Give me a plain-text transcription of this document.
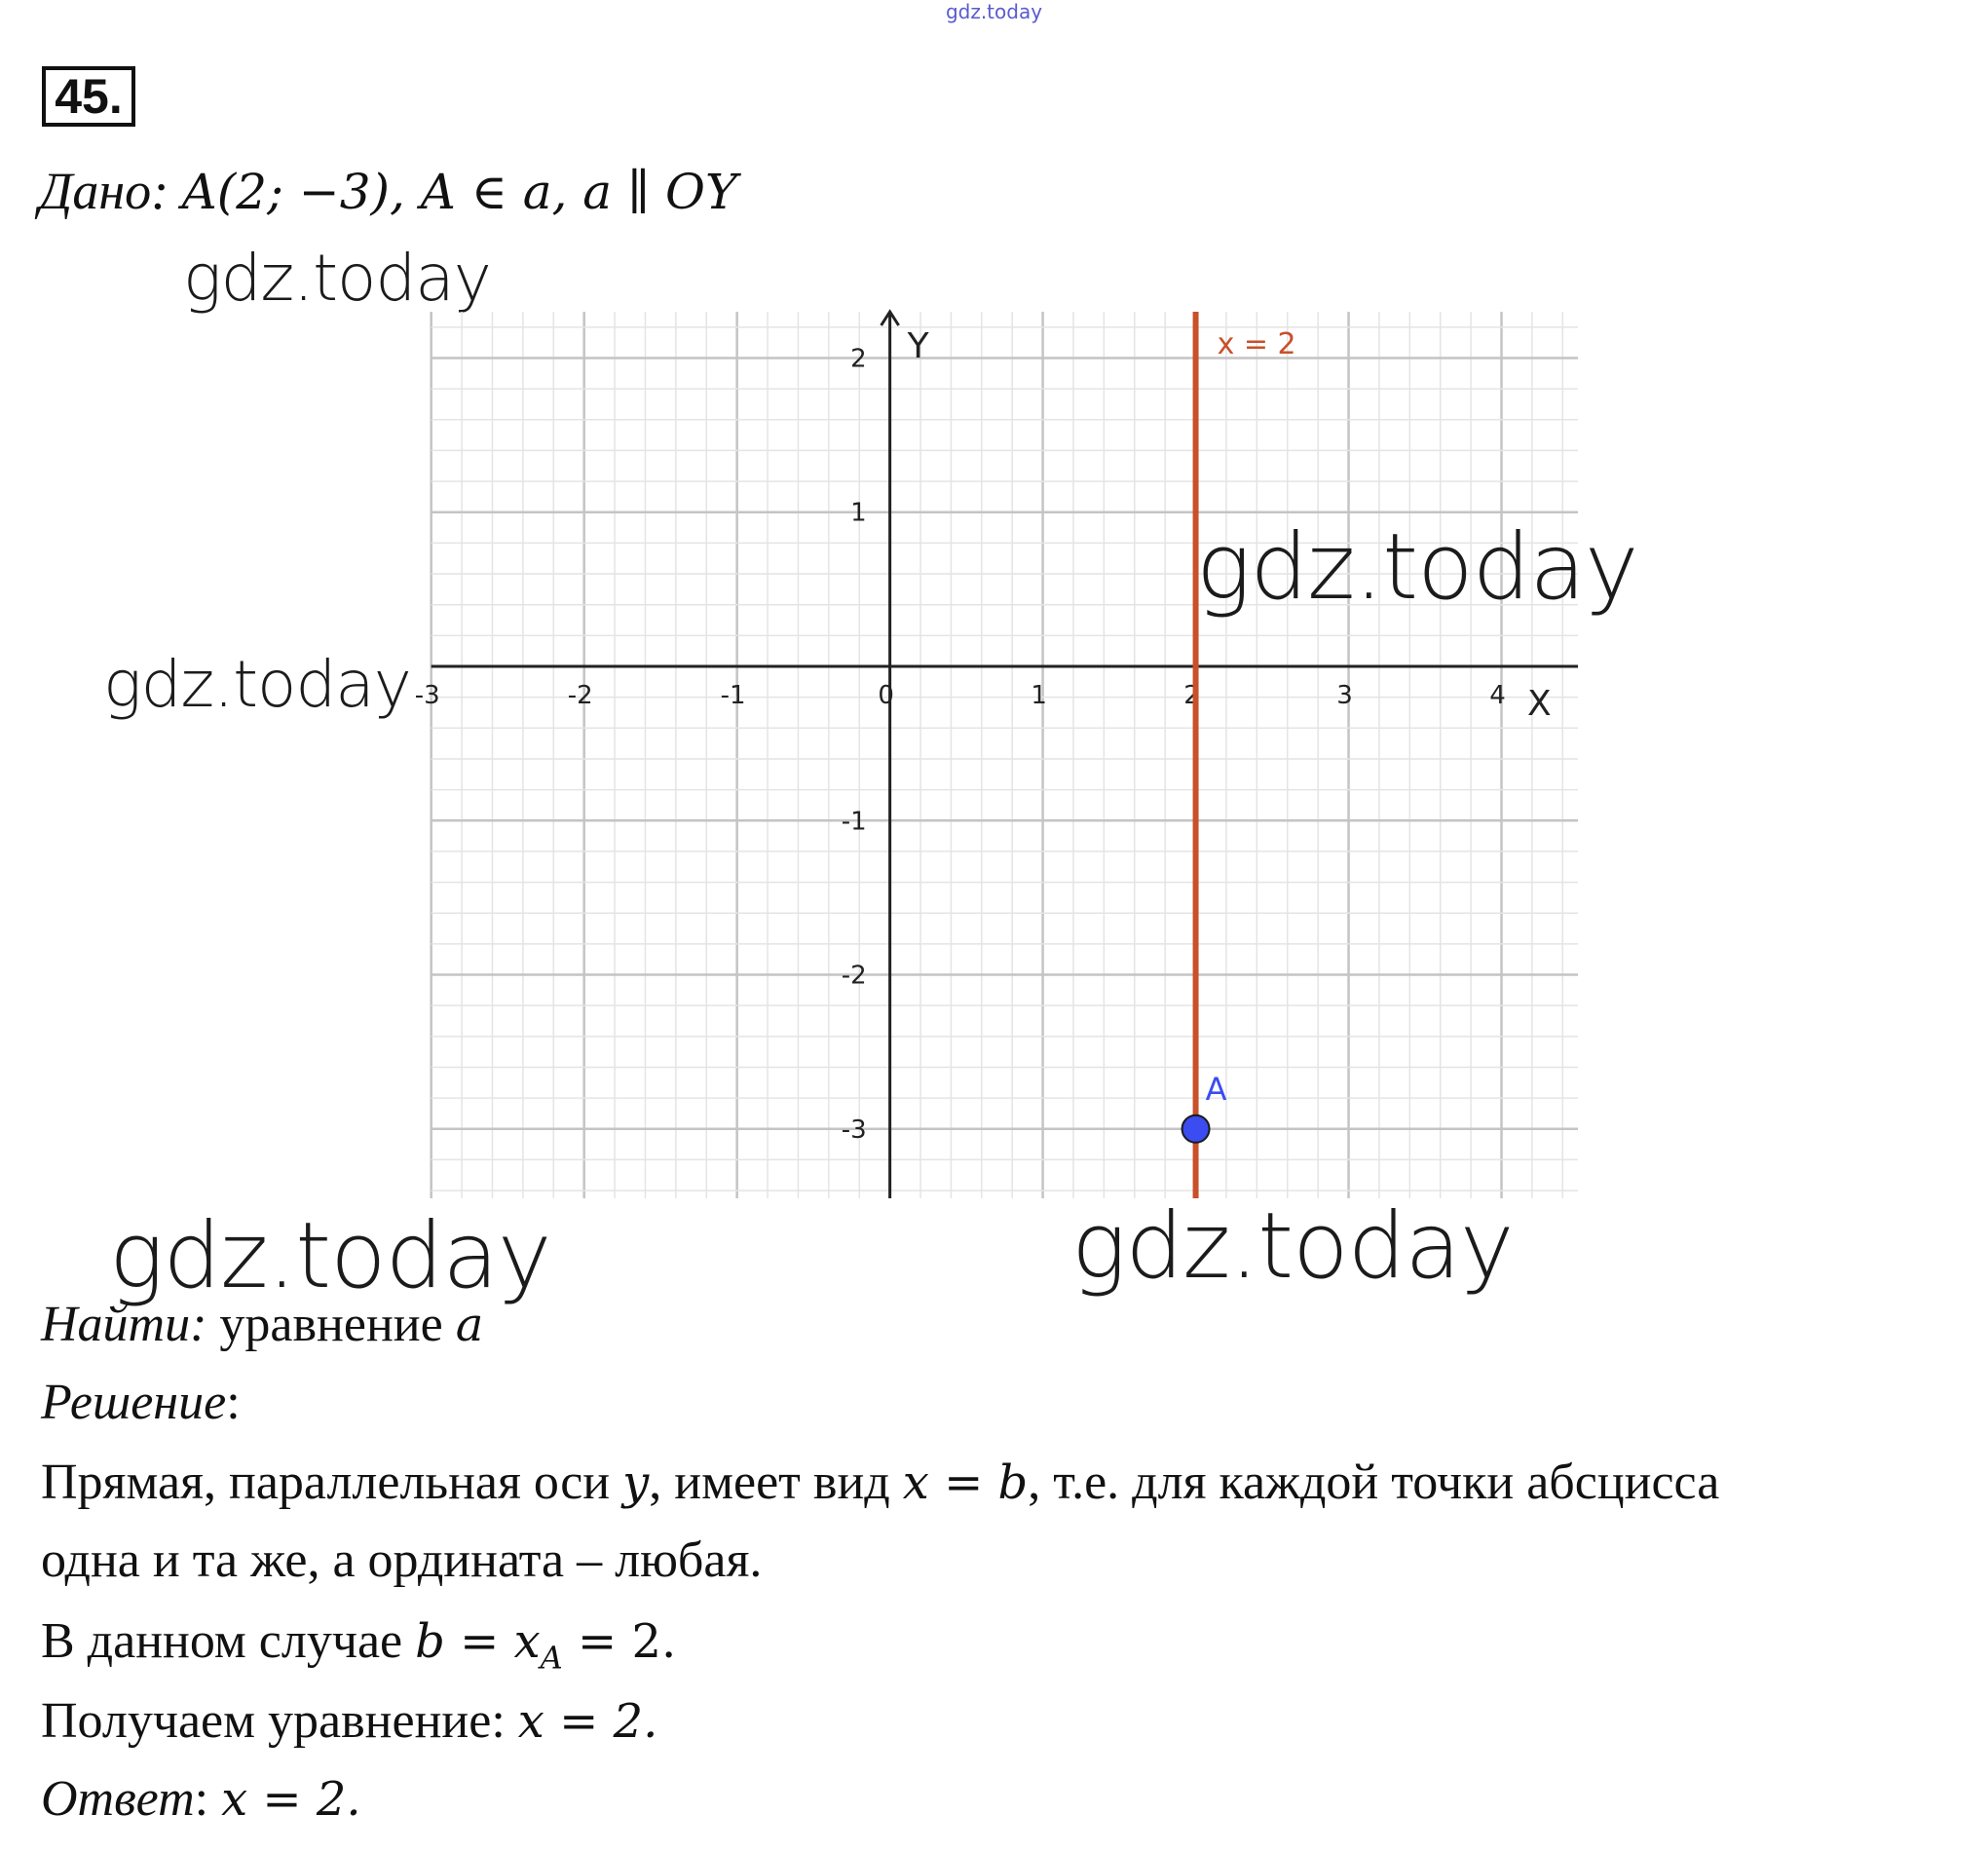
gdz.today
45.
Дано: A(2; −3), A ∈ a, a ∥ OY
gdz.today
-3	-2	-1	0	1	2	3	4
-3
-2
-1
1
2
X
Y	x = 2
A
gdz.today
gdz.today
gdz.today	gdz.today
Найти: уравнение a
Решение:
Прямая, параллельная оси y, имеет вид x = b, т.е. для каждой точки абсцисса
одна и та же, а ордината – любая.
В данном случае $b = x_A = 2$.
Получаем уравнение: x = 2.
Ответ: x = 2.
